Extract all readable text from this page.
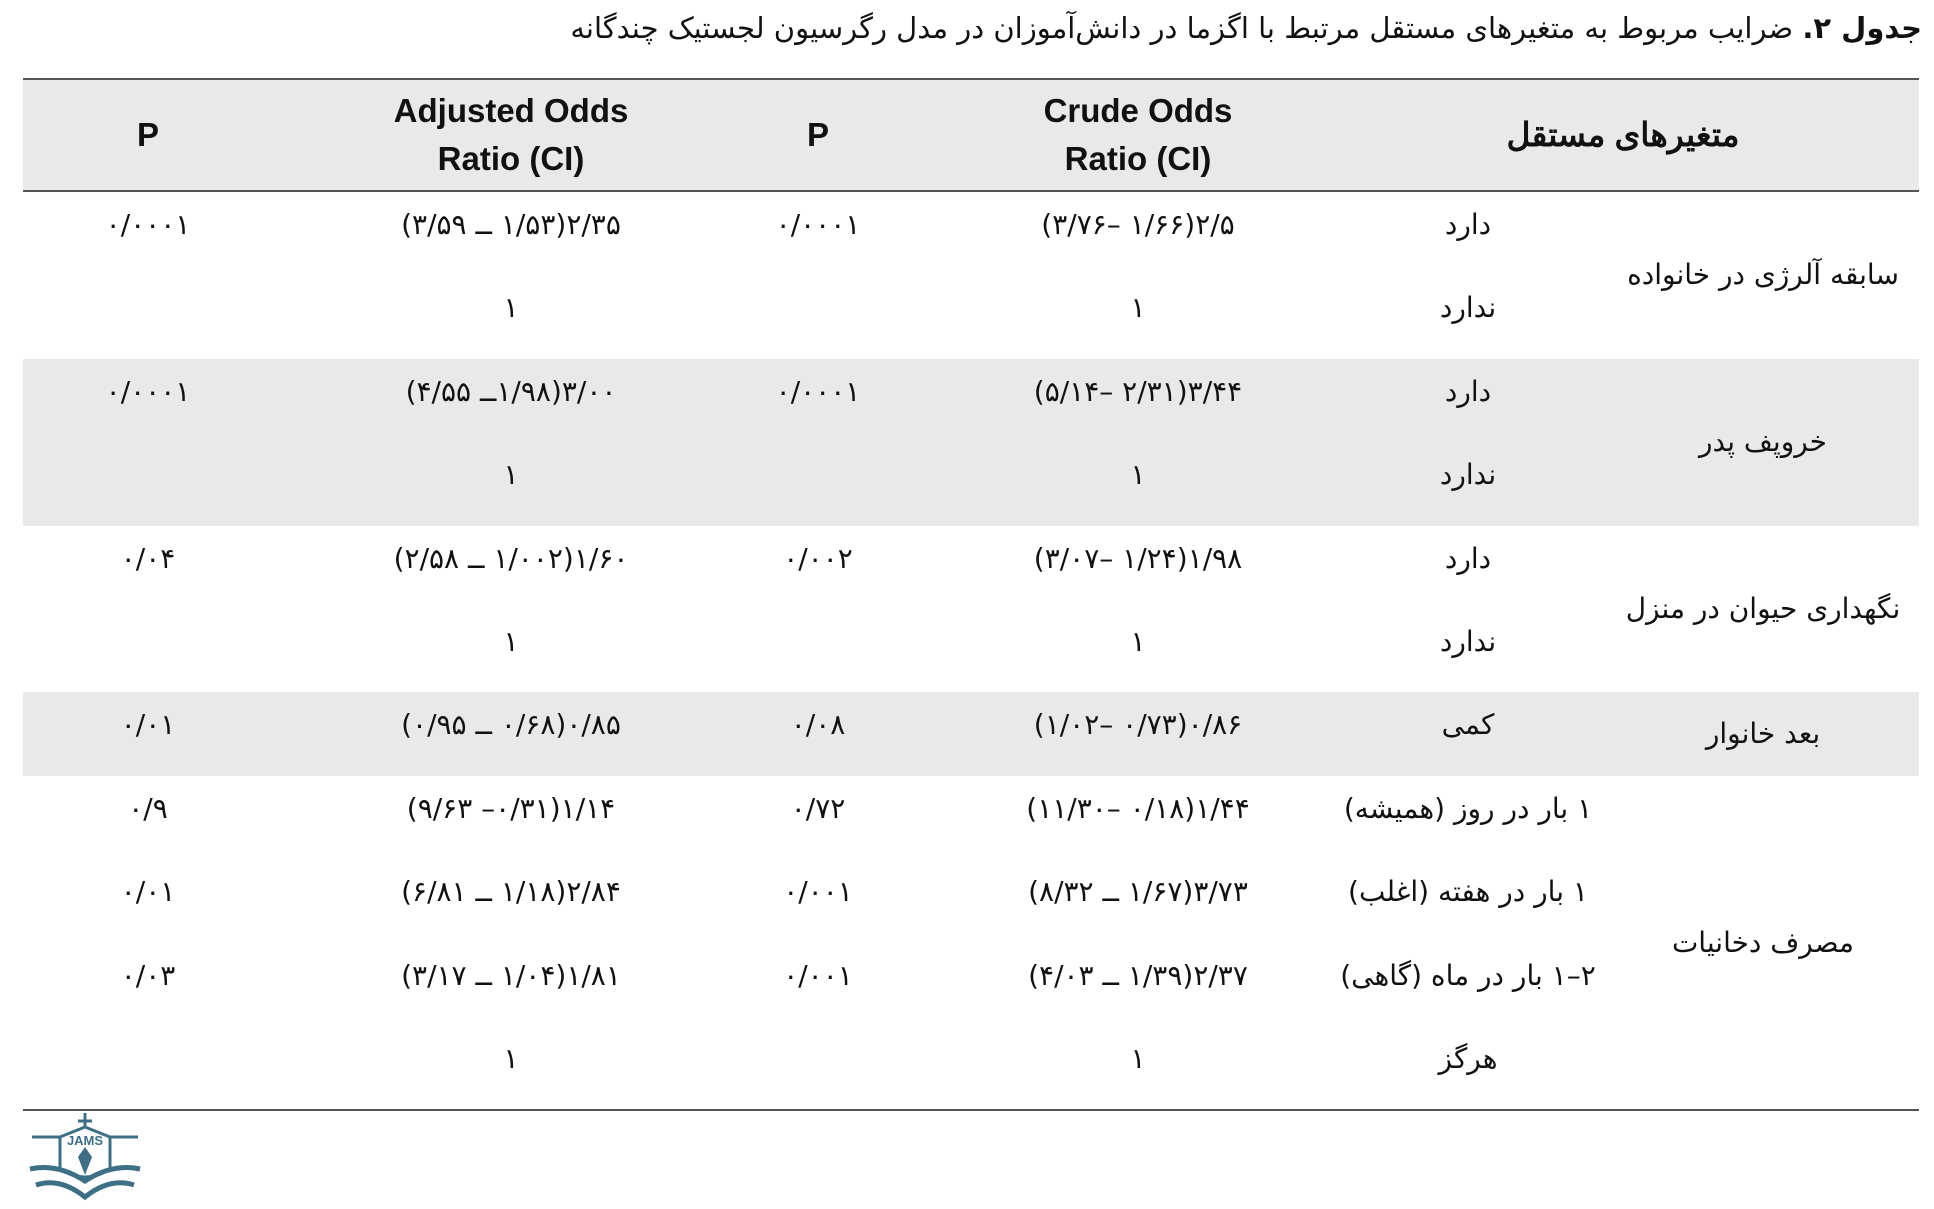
جدول ۲. ضرایب مربوط به متغیرهای مستقل مرتبط با اگزما در دانش‌آموزان در مدل رگرسیون لجستیک چندگانه
P
Adjusted Odds
Ratio (CI)
P
Crude Odds
Ratio (CI)
متغیرهای مستقل
سابقه آلرژی در خانواده
۰/۰۰۰۱	۲/۳۵(۱/۵۳ ــ ۳/۵۹)	۰/۰۰۰۱	۲/۵(۱/۶۶ –۳/۷۶)	دارد
۱	۱	ندارد
خروپف پدر
۰/۰۰۰۱	۳/۰۰(۱/۹۸ــ ۴/۵۵)	۰/۰۰۰۱	۳/۴۴(۲/۳۱ –۵/۱۴)	دارد
۱	۱	ندارد
نگهداری حیوان در منزل
۰/۰۴	۱/۶۰(۱/۰۰۲ ــ ۲/۵۸)	۰/۰۰۲	۱/۹۸(۱/۲۴ –۳/۰۷)	دارد
۱	۱	ندارد
بعد خانوار
۰/۰۱	۰/۸۵(۰/۶۸ ــ ۰/۹۵)	۰/۰۸	۰/۸۶(۰/۷۳ –۱/۰۲)	کمی
مصرف دخانیات
۰/۹	۱/۱۴(۰/۳۱– ۹/۶۳)	۰/۷۲	۱/۴۴(۰/۱۸ –۱۱/۳۰)	۱ بار در روز (همیشه)
۰/۰۱	۲/۸۴(۱/۱۸ ــ ۶/۸۱)	۰/۰۰۱	۳/۷۳(۱/۶۷ ــ ۸/۳۲)	۱ بار در هفته (اغلب)
۰/۰۳	۱/۸۱(۱/۰۴ ــ ۳/۱۷)	۰/۰۰۱	۲/۳۷(۱/۳۹ ــ ۴/۰۳)	۲–۱ بار در ماه (گاهی)
۱	۱	هرگز
JAMS
